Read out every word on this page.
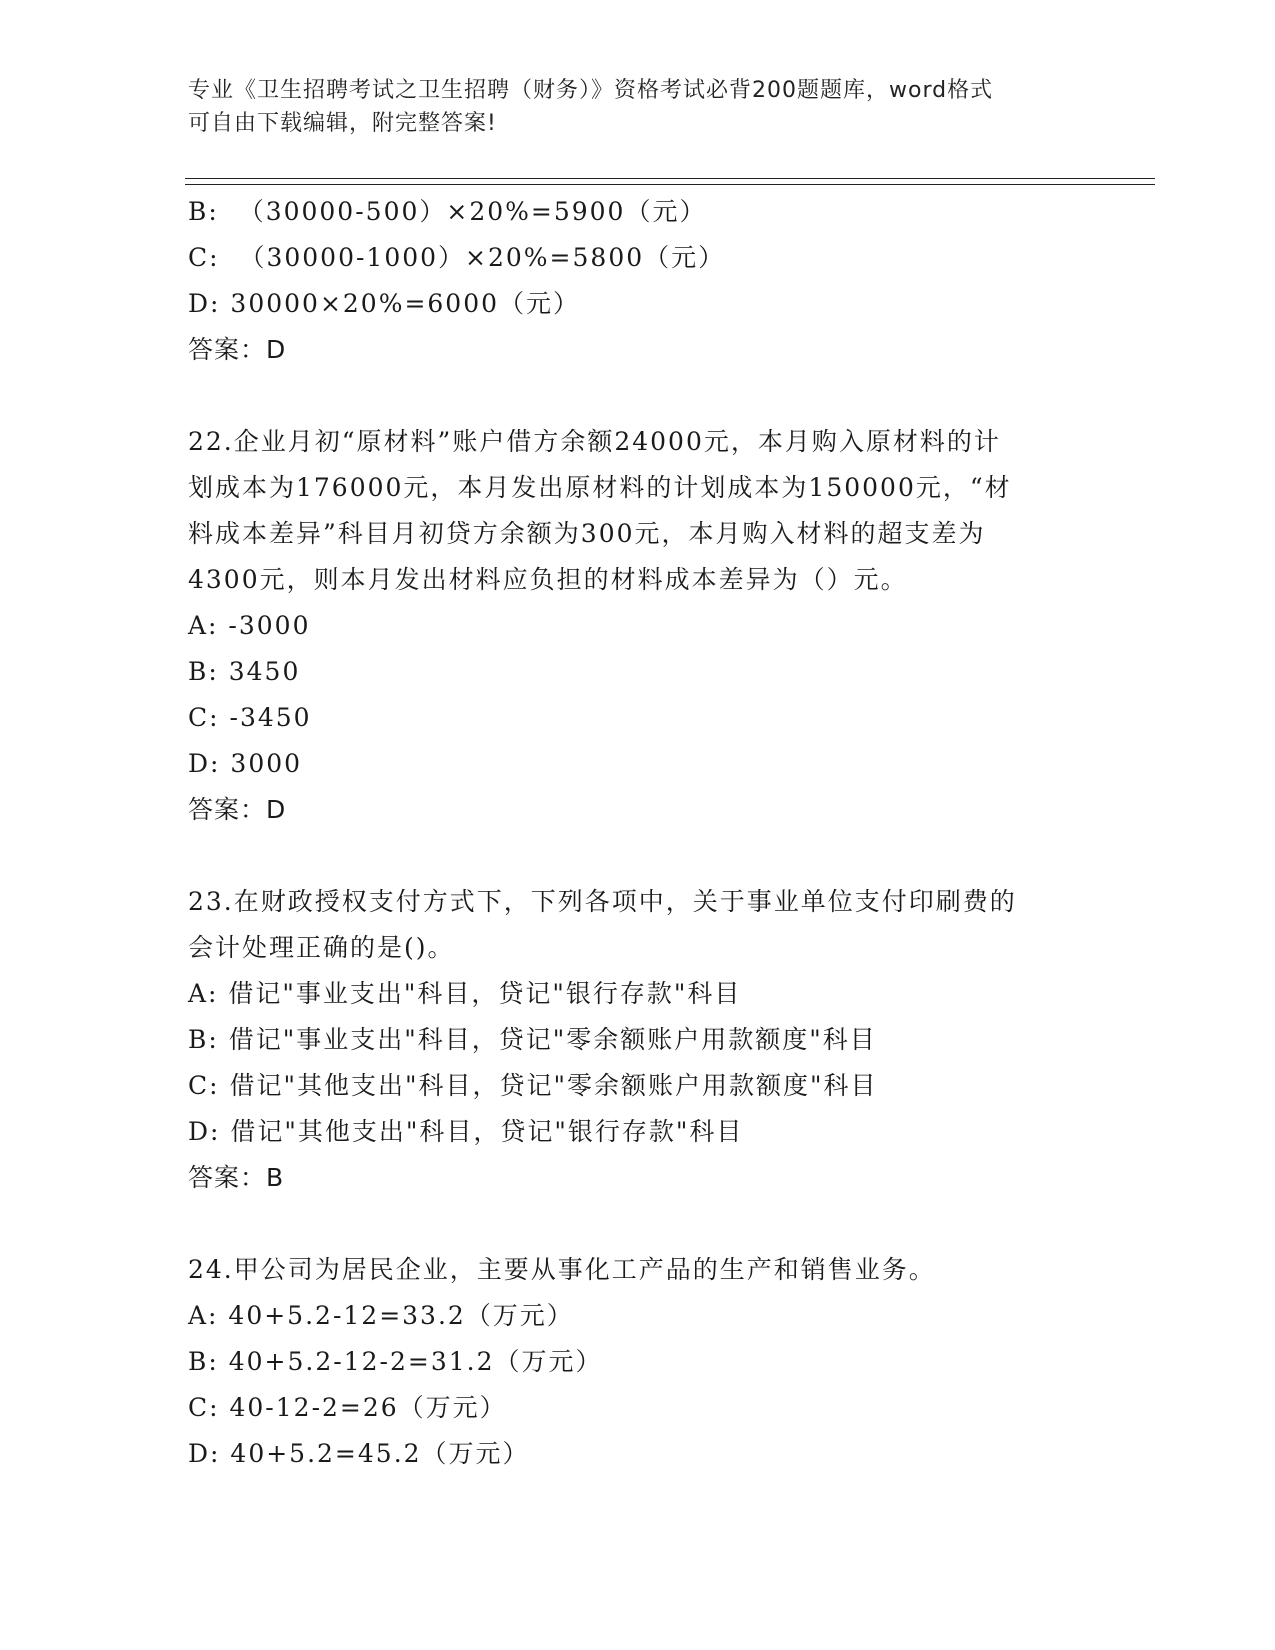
专业《卫生招聘考试之卫生招聘（财务）》资格考试必背200题题库，word格式
可自由下载编辑，附完整答案!
B:  （30000-500）×20%=5900（元）
C:  （30000-1000）×20%=5800（元）
D: 30000×20%=6000（元）
答案：D
22.企业月初“原材料”账户借方余额24000元，本月购入原材料的计
划成本为176000元，本月发出原材料的计划成本为150000元，“材
料成本差异”科目月初贷方余额为300元，本月购入材料的超支差为
4300元，则本月发出材料应负担的材料成本差异为（）元。
A: -3000
B: 3450
C: -3450
D: 3000
答案：D
23.在财政授权支付方式下，下列各项中，关于事业单位支付印刷费的
会计处理正确的是()。
A: 借记"事业支出"科目，贷记"银行存款"科目
B: 借记"事业支出"科目，贷记"零余额账户用款额度"科目
C: 借记"其他支出"科目，贷记"零余额账户用款额度"科目
D: 借记"其他支出"科目，贷记"银行存款"科目
答案：B
24.甲公司为居民企业，主要从事化工产品的生产和销售业务。
A: 40+5.2-12=33.2（万元）
B: 40+5.2-12-2=31.2（万元）
C: 40-12-2=26（万元）
D: 40+5.2=45.2（万元）
